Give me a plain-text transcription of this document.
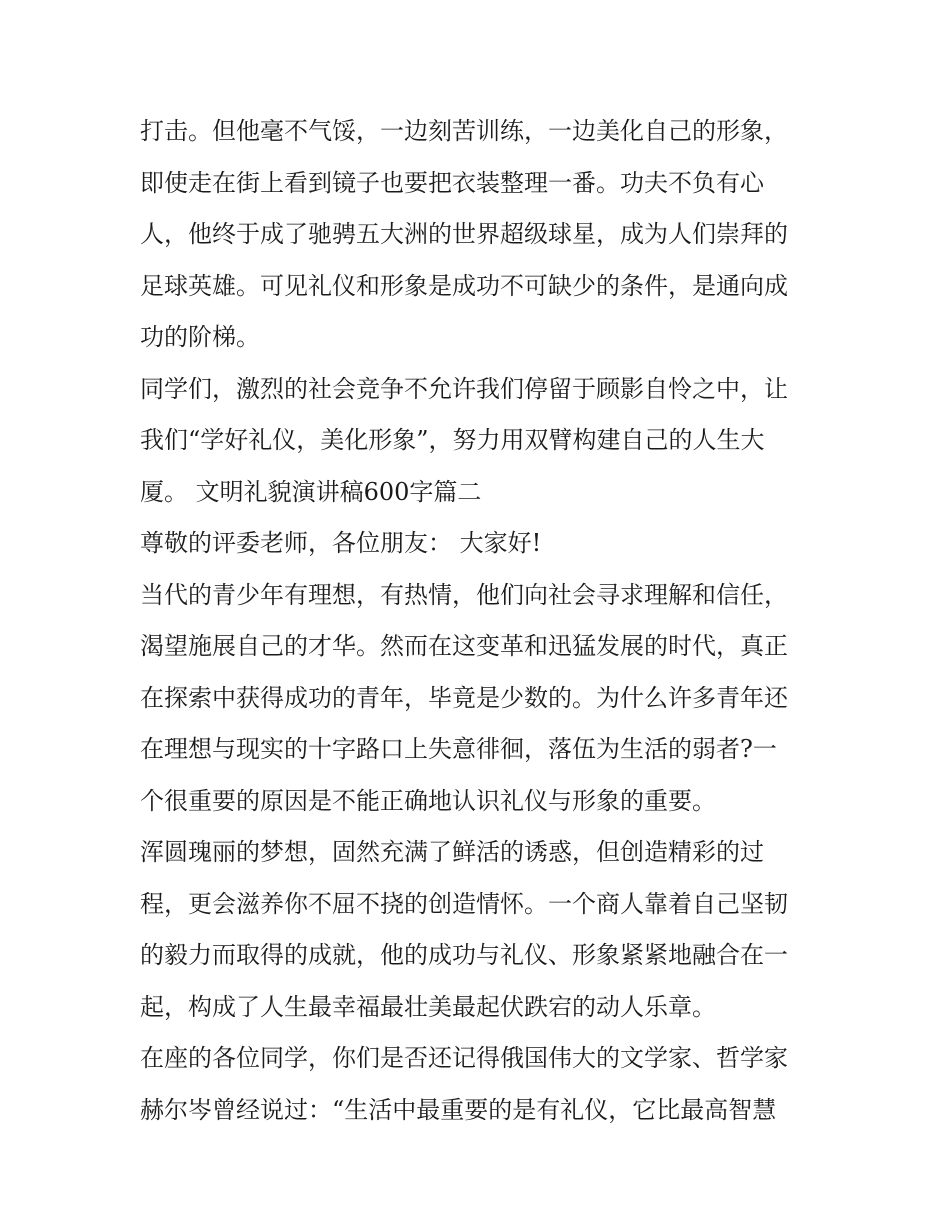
打击。但他毫不气馁，一边刻苦训练，一边美化自己的形象，
即使走在街上看到镜子也要把衣装整理一番。功夫不负有心
人，他终于成了驰骋五大洲的世界超级球星，成为人们崇拜的
足球英雄。可见礼仪和形象是成功不可缺少的条件，是通向成
功的阶梯。
同学们，激烈的社会竞争不允许我们停留于顾影自怜之中，让
我们“学好礼仪，美化形象”，努力用双臂构建自己的人生大
厦。 文明礼貌演讲稿600字篇二
尊敬的评委老师，各位朋友： 大家好!
当代的青少年有理想，有热情，他们向社会寻求理解和信任，
渴望施展自己的才华。然而在这变革和迅猛发展的时代，真正
在探索中获得成功的青年，毕竟是少数的。为什么许多青年还
在理想与现实的十字路口上失意徘徊，落伍为生活的弱者?一
个很重要的原因是不能正确地认识礼仪与形象的重要。
浑圆瑰丽的梦想，固然充满了鲜活的诱惑，但创造精彩的过
程，更会滋养你不屈不挠的创造情怀。一个商人靠着自己坚韧
的毅力而取得的成就，他的成功与礼仪、形象紧紧地融合在一
起，构成了人生最幸福最壮美最起伏跌宕的动人乐章。
在座的各位同学，你们是否还记得俄国伟大的文学家、哲学家
赫尔岑曾经说过：“生活中最重要的是有礼仪，它比最高智慧
